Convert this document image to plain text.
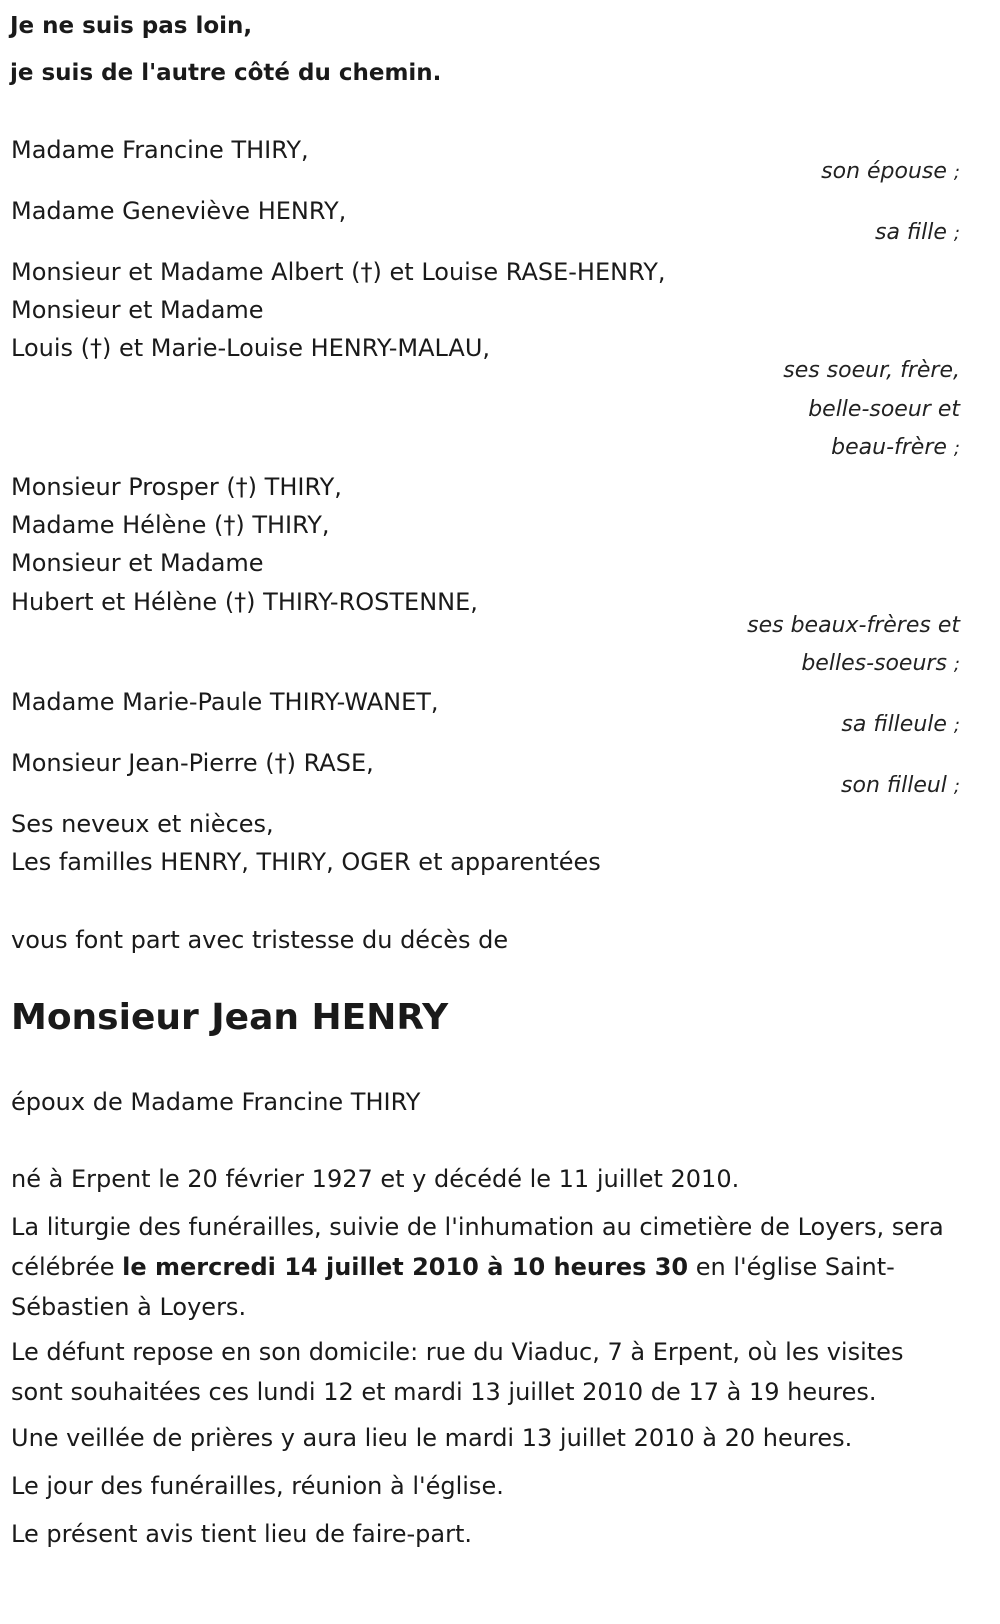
Je ne suis pas loin,
je suis de l'autre côté du chemin.
Madame Francine THIRY,
son épouse ;
Madame Geneviève HENRY,
sa fille ;
Monsieur et Madame Albert (†) et Louise RASE-HENRY,
Monsieur et Madame
Louis (†) et Marie-Louise HENRY-MALAU,
ses soeur, frère,
belle-soeur et
beau-frère ;
Monsieur Prosper (†) THIRY,
Madame Hélène (†) THIRY,
Monsieur et Madame
Hubert et Hélène (†) THIRY-ROSTENNE,
ses beaux-frères et
belles-soeurs ;
Madame Marie-Paule THIRY-WANET,
sa filleule ;
Monsieur Jean-Pierre (†) RASE,
son filleul ;
Ses neveux et nièces,
Les familles HENRY, THIRY, OGER et apparentées
vous font part avec tristesse du décès de
Monsieur Jean HENRY
époux de Madame Francine THIRY
né à Erpent le 20 février 1927 et y décédé le 11 juillet 2010.
La liturgie des funérailles, suivie de l'inhumation au cimetière de Loyers, sera célébrée le mercredi 14 juillet 2010 à 10 heures 30 en l'église Saint-Sébastien à Loyers.
Le défunt repose en son domicile: rue du Viaduc, 7 à Erpent, où les visites sont souhaitées ces lundi 12 et mardi 13 juillet 2010 de 17 à 19 heures.
Une veillée de prières y aura lieu le mardi 13 juillet 2010 à 20 heures.
Le jour des funérailles, réunion à l'église.
Le présent avis tient lieu de faire-part.
